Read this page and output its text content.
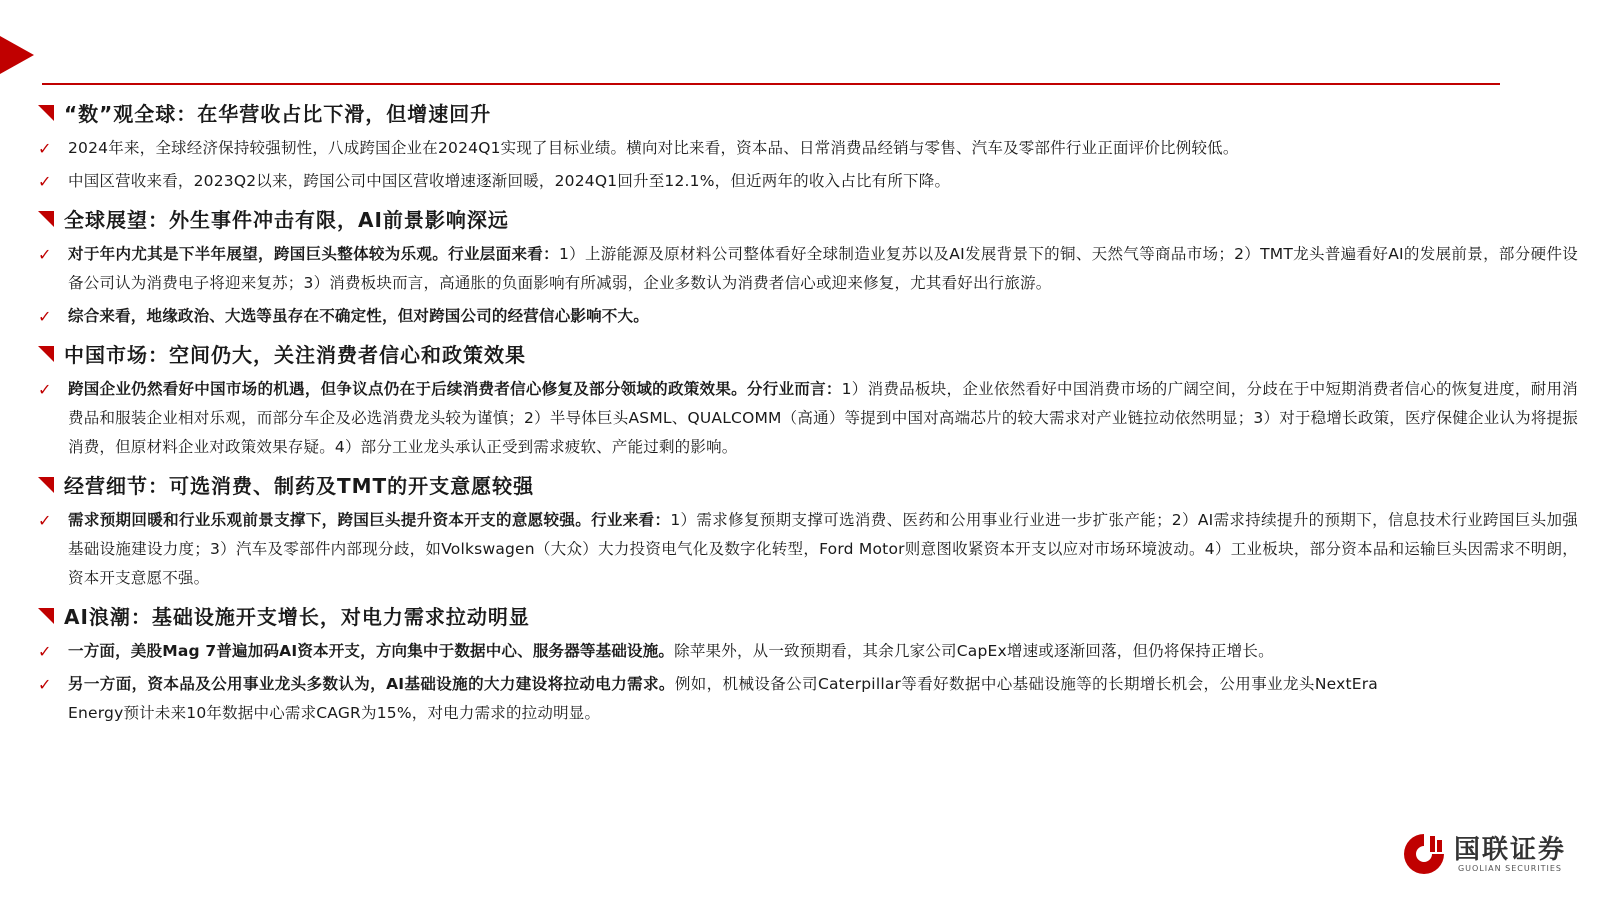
“数”观全球：在华营收占比下滑，但增速回升
✓	2024年来，全球经济保持较强韧性，八成跨国企业在2024Q1实现了目标业绩。横向对比来看，资本品、日常消费品经销与零售、汽车及零部件行业正面评价比例较低。
✓	中国区营收来看，2023Q2以来，跨国公司中国区营收增速逐渐回暖，2024Q1回升至12.1%，但近两年的收入占比有所下降。
全球展望：外生事件冲击有限，AI前景影响深远
✓	对于年内尤其是下半年展望，跨国巨头整体较为乐观。行业层面来看：1）上游能源及原材料公司整体看好全球制造业复苏以及AI发展背景下的铜、天然气等商品市场；2）TMT龙头普遍看好AI的发展前景，部分硬件设备公司认为消费电子将迎来复苏；3）消费板块而言，高通胀的负面影响有所减弱，企业多数认为消费者信心或迎来修复，尤其看好出行旅游。
✓	综合来看，地缘政治、大选等虽存在不确定性，但对跨国公司的经营信心影响不大。
中国市场：空间仍大，关注消费者信心和政策效果
✓	跨国企业仍然看好中国市场的机遇，但争议点仍在于后续消费者信心修复及部分领域的政策效果。分行业而言：1）消费品板块，企业依然看好中国消费市场的广阔空间，分歧在于中短期消费者信心的恢复进度，耐用消费品和服装企业相对乐观，而部分车企及必选消费龙头较为谨慎；2）半导体巨头ASML、QUALCOMM（高通）等提到中国对高端芯片的较大需求对产业链拉动依然明显；3）对于稳增长政策，医疗保健企业认为将提振消费，但原材料企业对政策效果存疑。4）部分工业龙头承认正受到需求疲软、产能过剩的影响。
经营细节：可选消费、制药及TMT的开支意愿较强
✓	需求预期回暖和行业乐观前景支撑下，跨国巨头提升资本开支的意愿较强。行业来看：1）需求修复预期支撑可选消费、医药和公用事业行业进一步扩张产能；2）AI需求持续提升的预期下，信息技术行业跨国巨头加强基础设施建设力度；3）汽车及零部件内部现分歧，如Volkswagen（大众）大力投资电气化及数字化转型，Ford Motor则意图收紧资本开支以应对市场环境波动。4）工业板块，部分资本品和运输巨头因需求不明朗，资本开支意愿不强。
AI浪潮：基础设施开支增长，对电力需求拉动明显
✓	一方面，美股Mag 7普遍加码AI资本开支，方向集中于数据中心、服务器等基础设施。除苹果外，从一致预期看，其余几家公司CapEx增速或逐渐回落，但仍将保持正增长。
✓	另一方面，资本品及公用事业龙头多数认为，AI基础设施的大力建设将拉动电力需求。例如，机械设备公司Caterpillar等看好数据中心基础设施等的长期增长机会，公用事业龙头NextEra Energy预计未来10年数据中心需求CAGR为15%，对电力需求的拉动明显。
国联证券
GUOLIAN SECURITIES
